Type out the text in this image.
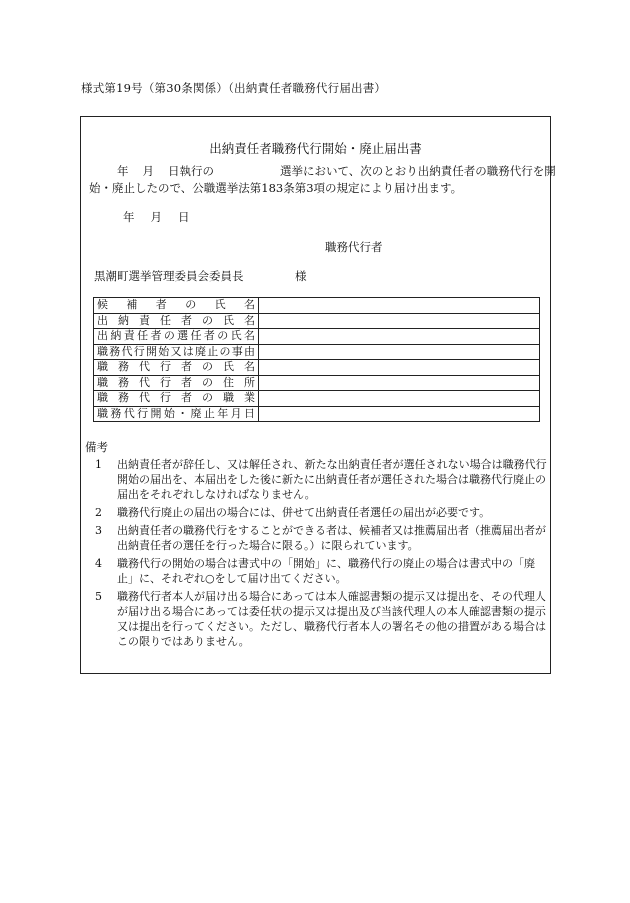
様式第19号（第30条関係）（出納責任者職務代行届出書）
出納責任者職務代行開始・廃止届出書
年 月 日執行の	選挙において、次のとおり出納責任者の職務代行を開
始・廃止したので、公職選挙法第183条第3項の規定により届け出ます。
年 月 日
職務代行者
黒潮町選挙管理委員会委員長	様
候補者の氏名	
出納責任者の氏名	
出納責任者の選任者の氏名	
職務代行開始又は廃止の事由	
職務代行者の氏名	
職務代行者の住所	
職務代行者の職業	
職務代行開始・廃止年月日	
備考
1	出納責任者が辞任し、又は解任され、新たな出納責任者が選任されない場合は職務代行開始の届出を、本届出をした後に新たに出納責任者が選任された場合は職務代行廃止の届出をそれぞれしなければなりません。
2	職務代行廃止の届出の場合には、併せて出納責任者選任の届出が必要です。
3	出納責任者の職務代行をすることができる者は、候補者又は推薦届出者（推薦届出者が出納責任者の選任を行った場合に限る。）に限られています。
4	職務代行の開始の場合は書式中の「開始」に、職務代行の廃止の場合は書式中の「廃止」に、それぞれ○をして届け出てください。
5	職務代行者本人が届け出る場合にあっては本人確認書類の提示又は提出を、その代理人が届け出る場合にあっては委任状の提示又は提出及び当該代理人の本人確認書類の提示又は提出を行ってください。ただし、職務代行者本人の署名その他の措置がある場合はこの限りではありません。
